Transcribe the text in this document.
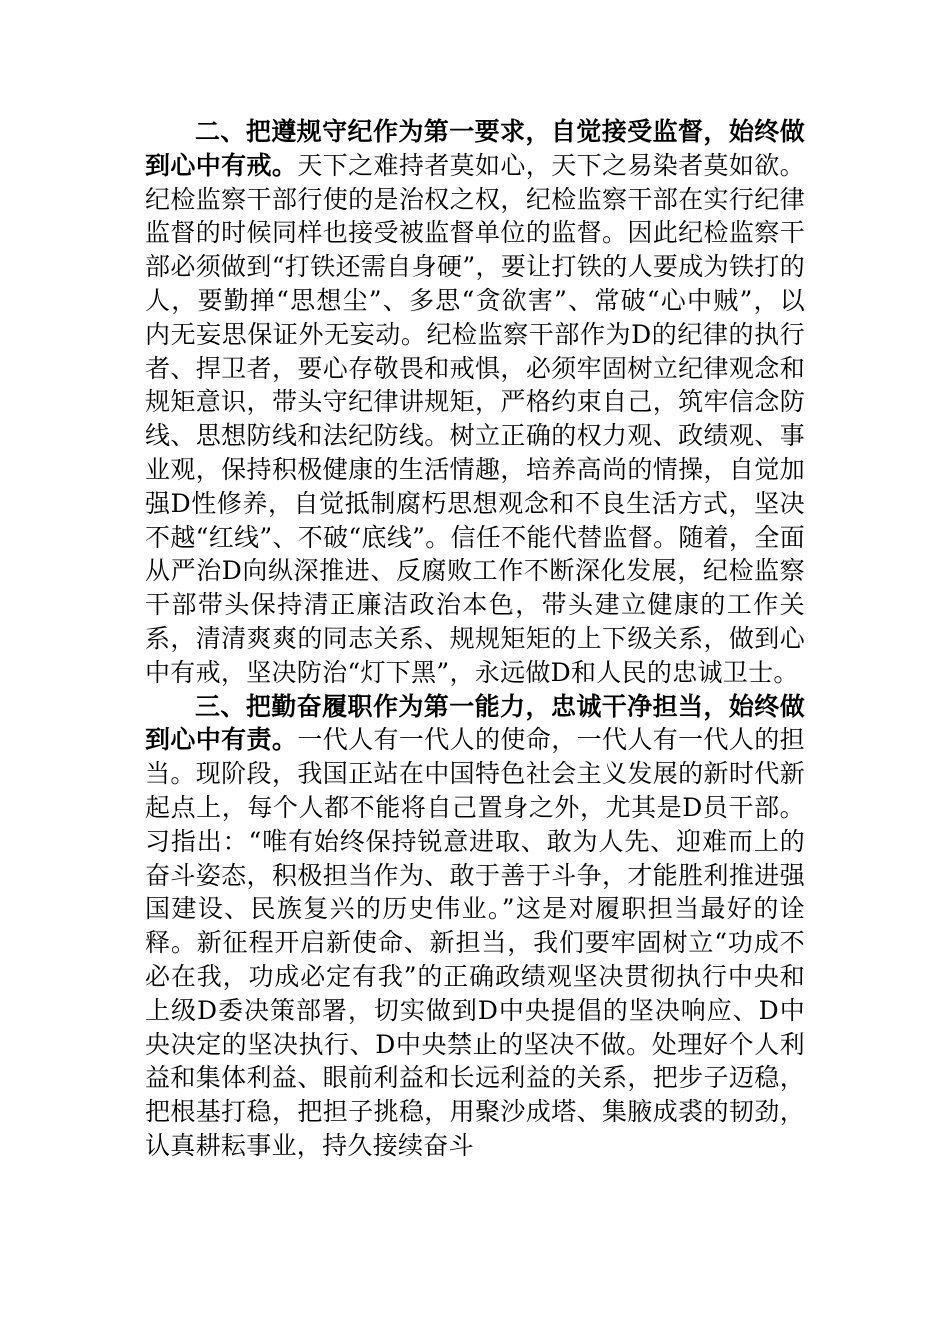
二、把遵规守纪作为第一要求，自觉接受监督，始终做到心中有戒。天下之难持者莫如心，天下之易染者莫如欲。纪检监察干部行使的是治权之权，纪检监察干部在实行纪律监督的时候同样也接受被监督单位的监督。因此纪检监察干部必须做到“打铁还需自身硬”，要让打铁的人要成为铁打的人，要勤掸“思想尘”、多思“贪欲害”、常破“心中贼”，以内无妄思保证外无妄动。纪检监察干部作为D的纪律的执行者、捍卫者，要心存敬畏和戒惧，必须牢固树立纪律观念和规矩意识，带头守纪律讲规矩，严格约束自己，筑牢信念防线、思想防线和法纪防线。树立正确的权力观、政绩观、事业观，保持积极健康的生活情趣，培养高尚的情操，自觉加强D性修养，自觉抵制腐朽思想观念和不良生活方式，坚决不越“红线”、不破“底线”。信任不能代替监督。随着，全面从严治D向纵深推进、反腐败工作不断深化发展，纪检监察干部带头保持清正廉洁政治本色，带头建立健康的工作关系，清清爽爽的同志关系、规规矩矩的上下级关系，做到心中有戒，坚决防治“灯下黑”，永远做D和人民的忠诚卫士。

三、把勤奋履职作为第一能力，忠诚干净担当，始终做到心中有责。一代人有一代人的使命，一代人有一代人的担当。现阶段，我国正站在中国特色社会主义发展的新时代新起点上，每个人都不能将自己置身之外，尤其是D员干部。习指出：“唯有始终保持锐意进取、敢为人先、迎难而上的奋斗姿态，积极担当作为、敢于善于斗争，才能胜利推进强国建设、民族复兴的历史伟业。”这是对履职担当最好的诠释。新征程开启新使命、新担当，我们要牢固树立“功成不必在我，功成必定有我”的正确政绩观坚决贯彻执行中央和上级D委决策部署，切实做到D中央提倡的坚决响应、D中央决定的坚决执行、D中央禁止的坚决不做。处理好个人利益和集体利益、眼前利益和长远利益的关系，把步子迈稳，把根基打稳，把担子挑稳，用聚沙成塔、集腋成裘的韧劲，认真耕耘事业，持久接续奋斗
